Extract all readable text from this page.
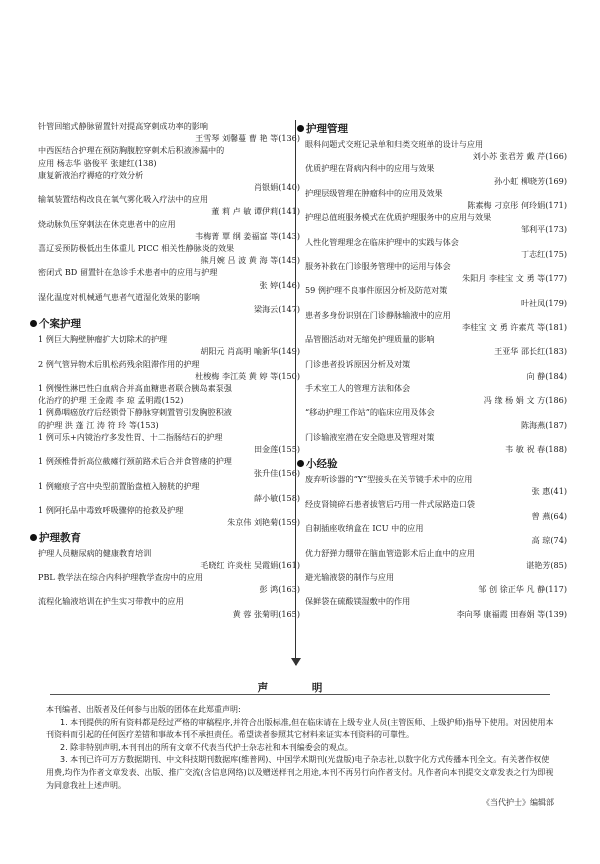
针管回缩式静脉留置针对提高穿刺成功率的影响
王雪琴 刘馨蔓 曹 艳 等(136)
中西医结合护理在预防胸腹腔穿刺术后积液渗漏中的
应用 杨志华 骆俊平 张建红(138)
康复新液治疗褥疮的疗效分析
肖银娟(140)
输氧装置结构改良在氧气雾化吸入疗法中的应用
董 莉 卢 敏 谭伊莉(141)
烧动脉负压穿刺法在休克患者中的应用
韦梅菁 覃 纲 姜福富 等(143)
喜辽妥预防极低出生体重儿 PICC 相关性静脉炎的效果
熊月婉 吕 波 黄 海 等(145)
密闭式 BD 留置针在急诊手术患者中的应用与护理
张 婷(146)
湿化温度对机械通气患者气道湿化效果的影响
梁海云(147)
个案护理
1 例巨大胸壁肿瘤扩大切除术的护理
胡阳元 肖高明 喻新华(149)
2 例气管异物术后肌松药残余阻滞作用的护理
杜梭梅 李江英 黄 婷 等(150)
1 例慢性淋巴性白血病合并高血糖患者联合胰岛素泵强
化治疗的护理 王金霞 李 琼 孟明霞(152)
1 例鼻咽癌放疗后经锁骨下静脉穿刺置管引发胸腔积液
的护理 洪 蓬 江 涛 符 玲 等(153)
1 例可乐+内镜治疗多发性胃、十二指肠结石的护理
田金莲(155)
1 例颈椎骨折高位截瘫行颈前路术后合并食管瘘的护理
张升佳(156)
1 例瘢痕子宫中央型前置胎盘植入膀胱的护理
薛小敏(158)
1 例阿托品中毒致呼吸骤停的抢救及护理
朱京伟 刘艳菊(159)
护理教育
护理人员糖尿病的健康教育培训
毛晓红 许炎柱 吴霞娟(161)
PBL 教学法在综合内科护理教学查房中的应用
彭 鸿(163)
流程化输液培训在护生实习带教中的应用
黄 蓉 张菊明(165)
护理管理
眼科问题式交班记录单和归类交班单的设计与应用
刘小苏 张君芳 戴 芹(166)
优质护理在肾病内科中的应用与效果
孙小虹 柳晓芳(169)
护理层级管理在肿瘤科中的应用及效果
陈素梅 刁京彤 何玲娟(171)
护理总值班服务模式在优质护理服务中的应用与效果
邹利平(173)
人性化管理理念在临床护理中的实践与体会
丁志红(175)
服务补救在门诊服务管理中的运用与体会
朱阳月 李桂宝 文 勇 等(177)
59 例护理不良事件原因分析及防范对策
叶社凤(179)
患者多身份识别在门诊静脉输液中的应用
李桂宝 文 勇 许素芃 等(181)
品管圈活动对无缩免护理质量的影响
王亚华 邵长红(183)
门诊患者投诉原因分析及对策
向 静(184)
手术室工人的管理方法和体会
冯 缘 杨 娟 文 方(186)
“移动护理工作站”的临床应用及体会
陈海燕(187)
门诊输液室潜在安全隐患及管理对策
韦 敏 祝 春(188)
小经验
废弃听诊器的“Y”型接头在关节镜手术中的应用
张 惠(41)
经皮肾镜碎石患者拔管后巧用一件式尿路造口袋
曾 燕(64)
自制插座收纳盒在 ICU 中的应用
高 琼(74)
优力舒弹力绷带在脑血管造影术后止血中的应用
谌艳芳(85)
避光输液袋的制作与应用
邹 创 徐正华 凡 静(117)
保鲜袋在硫酸镁湿敷中的作用
李向琴 康福霞 田春娟 等(139)
声 明

本刊编者、出版者及任何参与出版的团体在此郑重声明:

1. 本刊提供的所有资料都是经过严格的审稿程序,并符合出版标准,但在临床请在上级专业人员(主管医师、上级护师)指导下使用。对因使用本刊资料而引起的任何医疗差错和事故本刊不承担责任。希望读者参照其它材料来证实本刊资料的可靠性。

2. 除非特别声明,本刊刊出的所有文章不代表当代护士杂志社和本刊编委会的观点。

3. 本刊已许可万方数据期刊、中文科技期刊数据库(维普网)、中国学术期刊(光盘版)电子杂志社,以数字化方式传播本刊全文。有关著作权使用费,均作为作者文章发表、出版、推广交流(含信息网络)以及赠送样刊之用途,本刊不再另行向作者支付。凡作者向本刊提交文章发表之行为即视为同意我社上述声明。

《当代护士》编辑部
